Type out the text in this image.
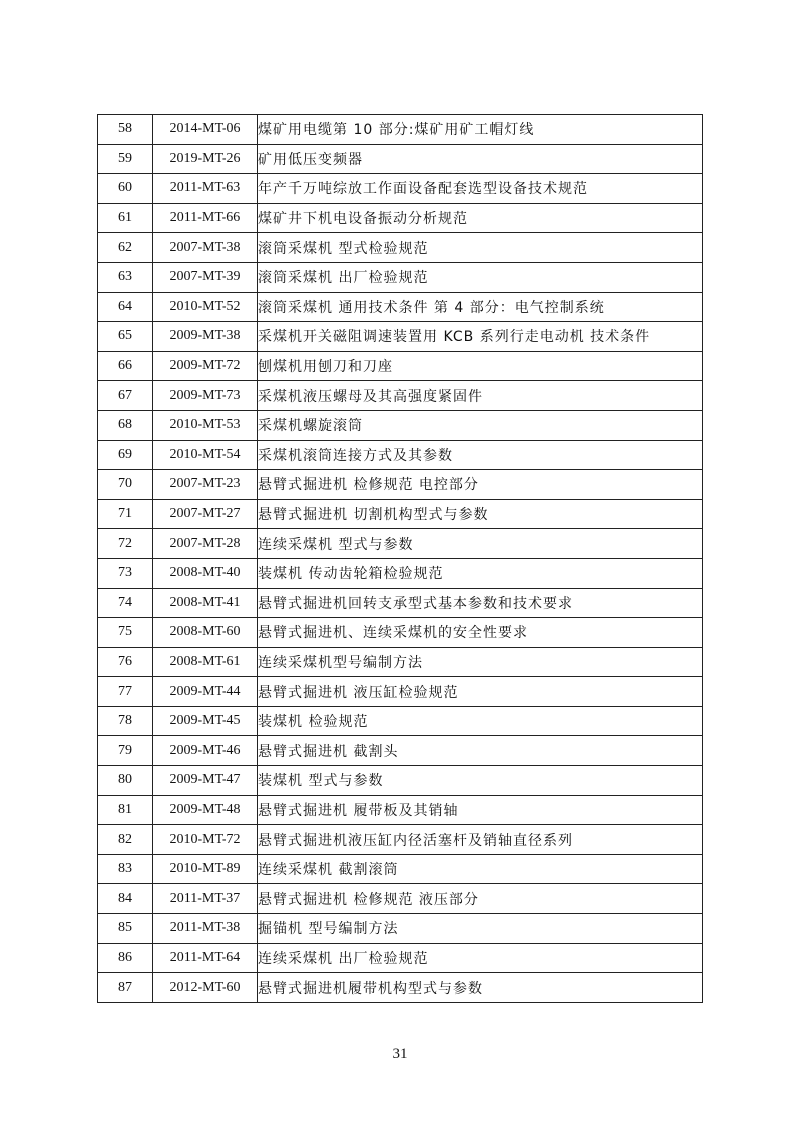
58	2014-MT-06	煤矿用电缆第 10 部分:煤矿用矿工帽灯线
59	2019-MT-26	矿用低压变频器
60	2011-MT-63	年产千万吨综放工作面设备配套选型设备技术规范
61	2011-MT-66	煤矿井下机电设备振动分析规范
62	2007-MT-38	滚筒采煤机 型式检验规范
63	2007-MT-39	滚筒采煤机 出厂检验规范
64	2010-MT-52	滚筒采煤机 通用技术条件 第 4 部分：电气控制系统
65	2009-MT-38	采煤机开关磁阻调速装置用 KCB 系列行走电动机 技术条件
66	2009-MT-72	刨煤机用刨刀和刀座
67	2009-MT-73	采煤机液压螺母及其高强度紧固件
68	2010-MT-53	采煤机螺旋滚筒
69	2010-MT-54	采煤机滚筒连接方式及其参数
70	2007-MT-23	悬臂式掘进机 检修规范 电控部分
71	2007-MT-27	悬臂式掘进机 切割机构型式与参数
72	2007-MT-28	连续采煤机 型式与参数
73	2008-MT-40	装煤机 传动齿轮箱检验规范
74	2008-MT-41	悬臂式掘进机回转支承型式基本参数和技术要求
75	2008-MT-60	悬臂式掘进机、连续采煤机的安全性要求
76	2008-MT-61	连续采煤机型号编制方法
77	2009-MT-44	悬臂式掘进机 液压缸检验规范
78	2009-MT-45	装煤机 检验规范
79	2009-MT-46	悬臂式掘进机 截割头
80	2009-MT-47	装煤机 型式与参数
81	2009-MT-48	悬臂式掘进机 履带板及其销轴
82	2010-MT-72	悬臂式掘进机液压缸内径活塞杆及销轴直径系列
83	2010-MT-89	连续采煤机 截割滚筒
84	2011-MT-37	悬臂式掘进机 检修规范 液压部分
85	2011-MT-38	掘锚机 型号编制方法
86	2011-MT-64	连续采煤机 出厂检验规范
87	2012-MT-60	悬臂式掘进机履带机构型式与参数
31
